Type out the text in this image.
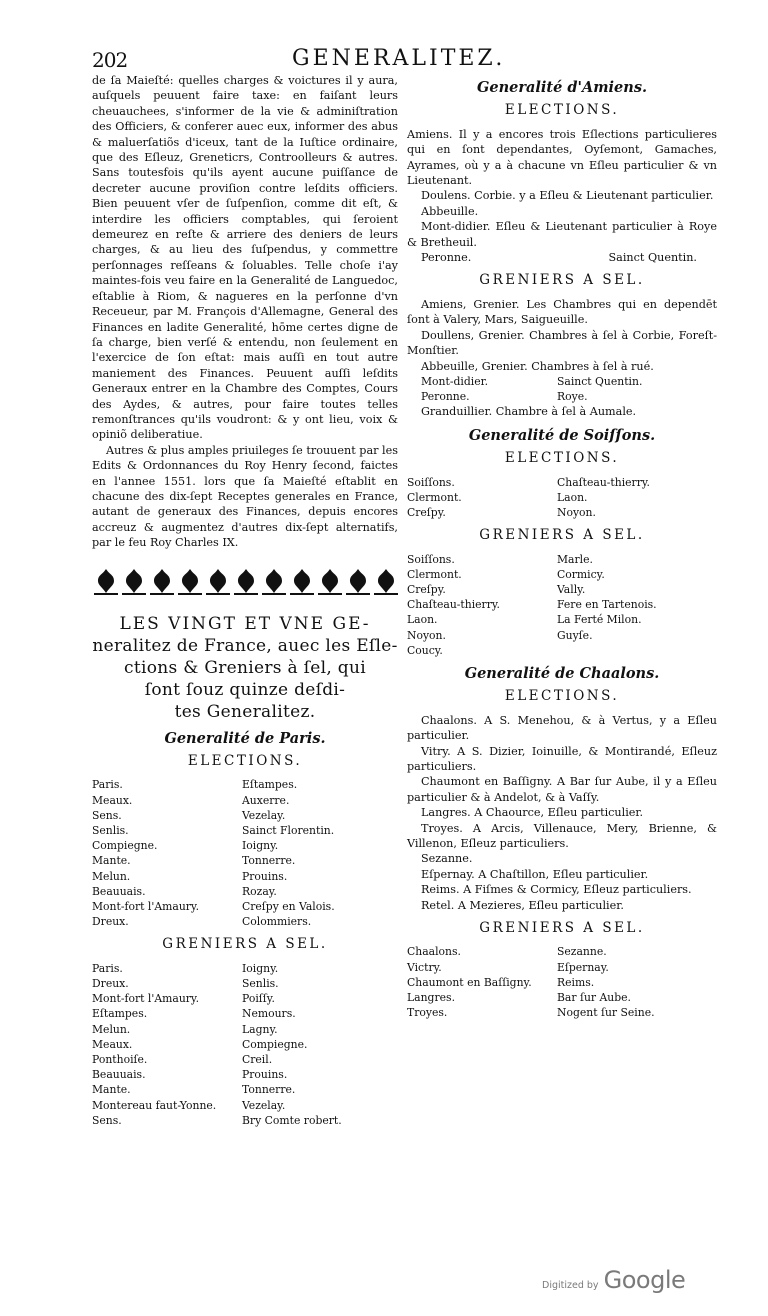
202	GENERALITEZ.

de ſa Maieſté: quelles charges & voictures il y aura, auſquels peuuent faire taxe: en faiſant leurs cheuauchees, s'informer de la vie & adminiſtration des Officiers, & conferer auec eux, informer des abus & maluerſatiõs d'iceux, tant de la Iuſtice ordinaire, que des Eſleuz, Greneticrs, Controolleurs & autres. Sans toutesfois qu'ils ayent aucune puiſſance de decreter aucune proviſion contre leſdits officiers. Bien peuuent vſer de ſuſpenſion, comme dit eſt, & interdire les officiers comptables, qui ſeroient demeurez en reſte & arriere des deniers de leurs charges, & au lieu des ſuſpendus, y commettre perſonnages reſſeans & ſoluables. Telle choſe i'ay maintes-fois veu faire en la Generalité de Languedoc, eſtablie à Riom, & nagueres en la perſonne d'vn Receueur, par M. François d'Allemagne, General des Finances en ladite Generalité, hōme certes digne de ſa charge, bien verſé & entendu, non ſeulement en l'exercice de ſon eſtat: mais auſſi en tout autre maniement des Finances. Peuuent auſſi leſdits Generaux entrer en la Chambre des Comptes, Cours des Aydes, & autres, pour faire toutes telles remonſtrances qu'ils voudront: & y ont lieu, voix & opiniõ deliberatiue.

Autres & plus amples priuileges ſe trouuent par les Edits & Ordonnances du Roy Henry ſecond, faictes en l'annee 1551. lors que ſa Maieſté eſtablit en chacune des dix-ſept Receptes generales en France, autant de generaux des Finances, depuis encores accreuz & augmentez d'autres dix-ſept alternatifs, par le feu Roy Charles IX.

LES VINGT ET VNE GE-

neralitez de France, auec les Eſle-

ctions & Greniers à ſel, qui

ſont ſouz quinze deſdi-

tes Generalitez.

Generalité de Paris.
ELECTIONS.
Paris.	Eſtampes.
Meaux.	Auxerre.
Sens.	Vezelay.
Senlis.	Sainct Florentin.
Compiegne.	Ioigny.
Mante.	Tonnerre.
Melun.	Prouins.
Beauuais.	Rozay.
Mont-fort l'Amaury.	Creſpy en Valois.
Dreux.	Colommiers.
GRENIERS A SEL.
Paris.	Ioigny.
Dreux.	Senlis.
Mont-fort l'Amaury.	Poiſſy.
Eſtampes.	Nemours.
Melun.	Lagny.
Meaux.	Compiegne.
Ponthoiſe.	Creil.
Beauuais.	Prouins.
Mante.	Tonnerre.
Montereau faut-Yonne.	Vezelay.
Sens.	Bry Comte robert.
Generalité d'Amiens.
ELECTIONS.

Amiens. Il y a encores trois Eſlections particulieres qui en ſont dependantes, Oyſemont, Gamaches, Ayrames, où y a à chacune vn Eſleu particulier & vn Lieutenant.

Doulens. Corbie. y a Eſleu & Lieutenant particulier.

Abbeuille.

Mont-didier. Eſleu & Lieutenant particulier à Roye & Bretheuil.

Peronne.	Sainct Quentin.
GRENIERS A SEL.

Amiens, Grenier. Les Chambres qui en dependēt ſont à Valery, Mars, Saigueuille.

Doullens, Grenier. Chambres à ſel à Corbie, Foreſt-Monſtier.

Abbeuille, Grenier. Chambres à ſel à rué.

Mont-didier.	Sainct Quentin.
Peronne.	Roye.

Granduillier. Chambre à ſel à Aumale.

Generalité de Soiſſons.
ELECTIONS.
Soiſſons.	Chaſteau-thierry.
Clermont.	Laon.
Creſpy.	Noyon.
GRENIERS A SEL.
Soiſſons.	Marle.
Clermont.	Cormicy.
Creſpy.	Vally.
Chaſteau-thierry.	Fere en Tartenois.
Laon.	La Ferté Milon.
Noyon.	Guyſe.
Coucy.
Generalité de Chaalons.
ELECTIONS.

Chaalons. A S. Menehou, & à Vertus, y a Eſleu particulier.

Vitry. A S. Dizier, Ioinuille, & Montirandé, Eſleuz particuliers.

Chaumont en Baſſigny. A Bar ſur Aube, il y a Eſleu particulier & à Andelot, & à Vaſſy.

Langres. A Chaource, Eſleu particulier.

Troyes. A Arcis, Villenauce, Mery, Brienne, & Villenon, Eſleuz particuliers.

Sezanne.

Eſpernay. A Chaſtillon, Eſleu particulier.

Reims. A Fiſmes & Cormicy, Eſleuz particuliers.

Retel. A Mezieres, Eſleu particulier.

GRENIERS A SEL.
Chaalons.	Sezanne.
Victry.	Eſpernay.
Chaumont en Baſſigny.	Reims.
Langres.	Bar ſur Aube.
Troyes.	Nogent ſur Seine.
Digitized by Google
